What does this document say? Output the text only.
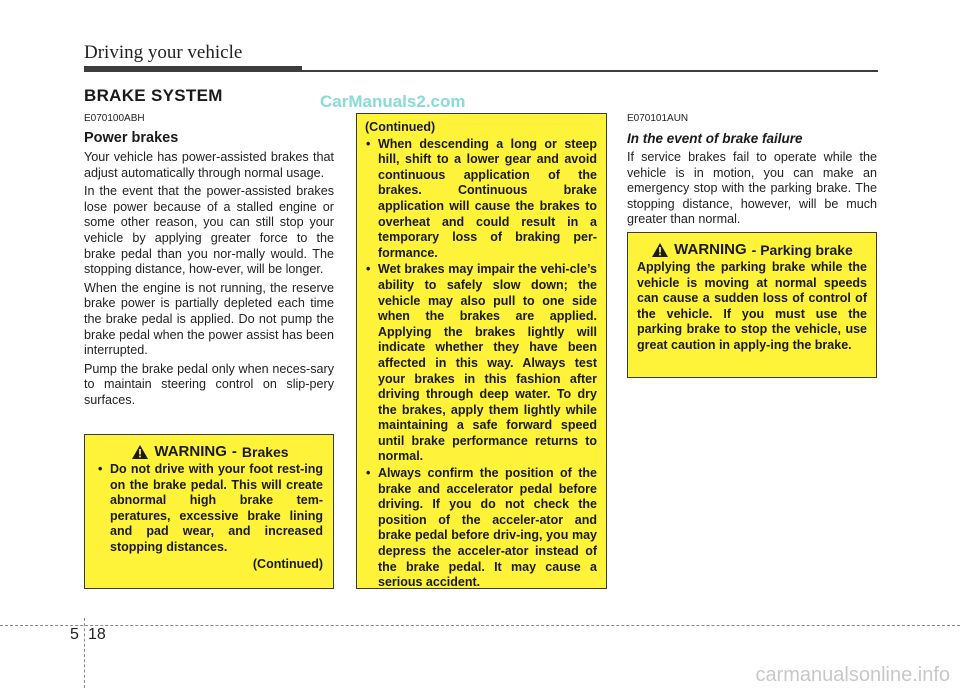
Driving your vehicle
BRAKE SYSTEM	CarManuals2.com
E070100ABH
Power brakes

Your vehicle has power-assisted brakes that adjust automatically through normal usage.

In the event that the power-assisted brakes lose power because of a stalled engine or some other reason, you can still stop your vehicle by applying greater force to the brake pedal than you nor-mally would. The stopping distance, how-ever, will be longer.

When the engine is not running, the reserve brake power is partially depleted each time the brake pedal is applied. Do not pump the brake pedal when the power assist has been interrupted.

Pump the brake pedal only when neces-sary to maintain steering control on slip-pery surfaces.

WARNING - Brakes
• Do not drive with your foot rest-ing on the brake pedal. This will create abnormal high brake tem-peratures, excessive brake lining and pad wear, and increased stopping distances.
(Continued)
(Continued)
• When descending a long or steep hill, shift to a lower gear and avoid continuous application of the brakes. Continuous brake application will cause the brakes to overheat and could result in a temporary loss of braking per-formance.
• Wet brakes may impair the vehi-cle’s ability to safely slow down; the vehicle may also pull to one side when the brakes are applied. Applying the brakes lightly will indicate whether they have been affected in this way. Always test your brakes in this fashion after driving through deep water. To dry the brakes, apply them lightly while maintaining a safe forward speed until brake performance returns to normal.
• Always confirm the position of the brake and accelerator pedal before driving. If you do not check the position of the acceler-ator and brake pedal before driv-ing, you may depress the acceler-ator instead of the brake pedal. It may cause a serious accident.
E070101AUN
In the event of brake failure

If service brakes fail to operate while the vehicle is in motion, you can make an emergency stop with the parking brake. The stopping distance, however, will be much greater than normal.

WARNING - Parking brake
Applying the parking brake while the vehicle is moving at normal speeds can cause a sudden loss of control of the vehicle. If you must use the parking brake to stop the vehicle, use great caution in apply-ing the brake.
5 18
carmanualsonline.info
